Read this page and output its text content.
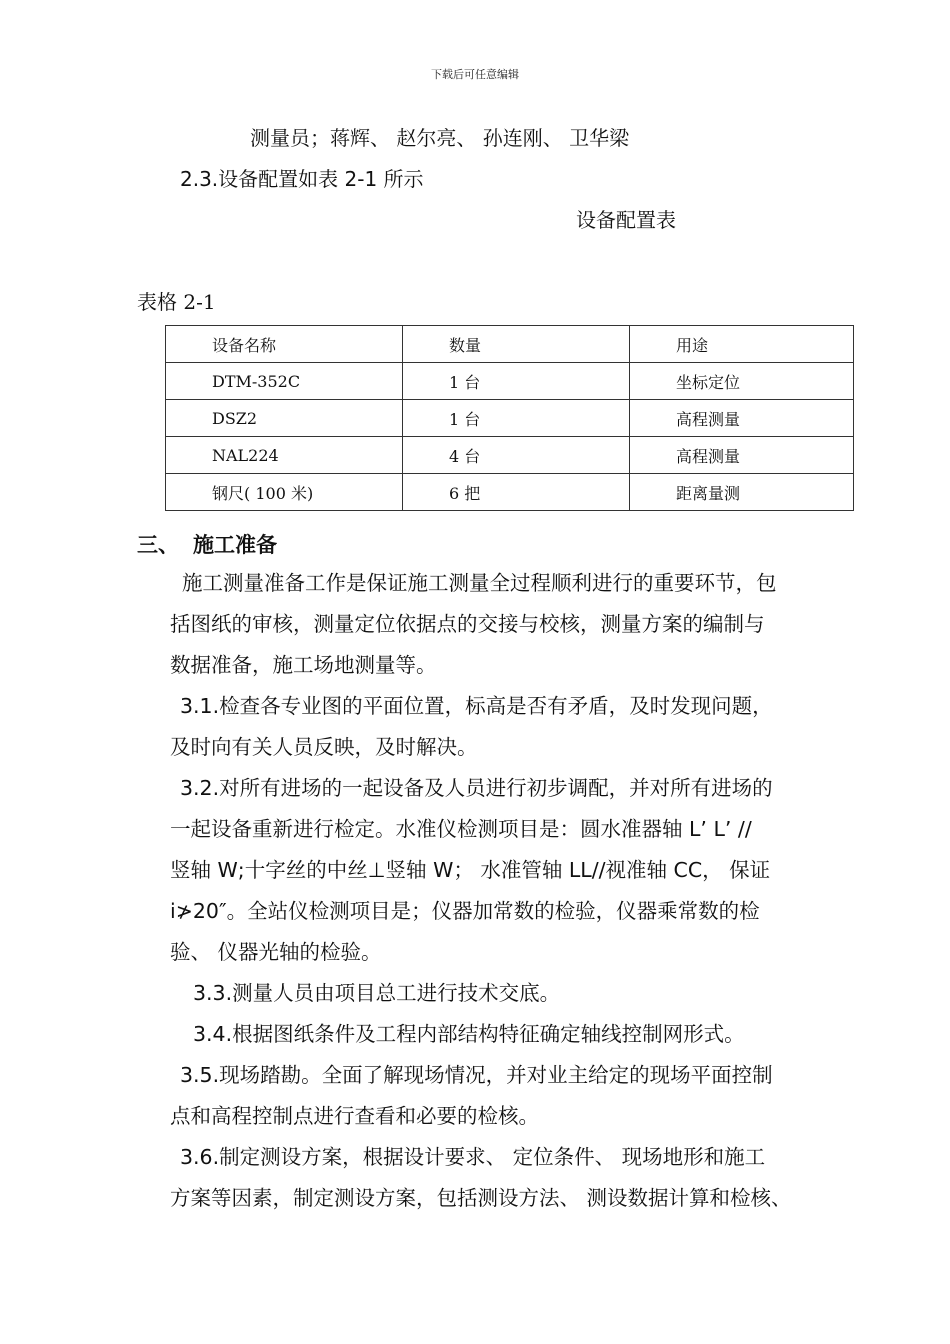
下载后可任意编辑
测量员；蒋辉、 赵尔亮、 孙连刚、 卫华梁
2.3.设备配置如表 2-1 所示
设备配置表
表格 2-1
设备名称	数量	用途
DTM-352C	1 台	坐标定位
DSZ2	1 台	高程测量
NAL224	4 台	高程测量
钢尺( 100 米)	6 把	距离量测
三、 施工准备
施工测量准备工作是保证施工测量全过程顺利进行的重要环节，包
括图纸的审核，测量定位依据点的交接与校核，测量方案的编制与
数据准备，施工场地测量等。
3.1.检查各专业图的平面位置，标高是否有矛盾，及时发现问题，
及时向有关人员反映，及时解决。
3.2.对所有进场的一起设备及人员进行初步调配，并对所有进场的
一起设备重新进行检定。水准仪检测项目是：圆水准器轴 L’ L’ //
竖轴 W;十字丝的中丝⊥竖轴 W； 水准管轴 LL//视准轴 CC， 保证
i≯20″。全站仪检测项目是；仪器加常数的检验，仪器乘常数的检
验、 仪器光轴的检验。
3.3.测量人员由项目总工进行技术交底。
3.4.根据图纸条件及工程内部结构特征确定轴线控制网形式。
3.5.现场踏勘。全面了解现场情况，并对业主给定的现场平面控制
点和高程控制点进行查看和必要的检核。
3.6.制定测设方案，根据设计要求、 定位条件、 现场地形和施工
方案等因素，制定测设方案，包括测设方法、 测设数据计算和检核、
